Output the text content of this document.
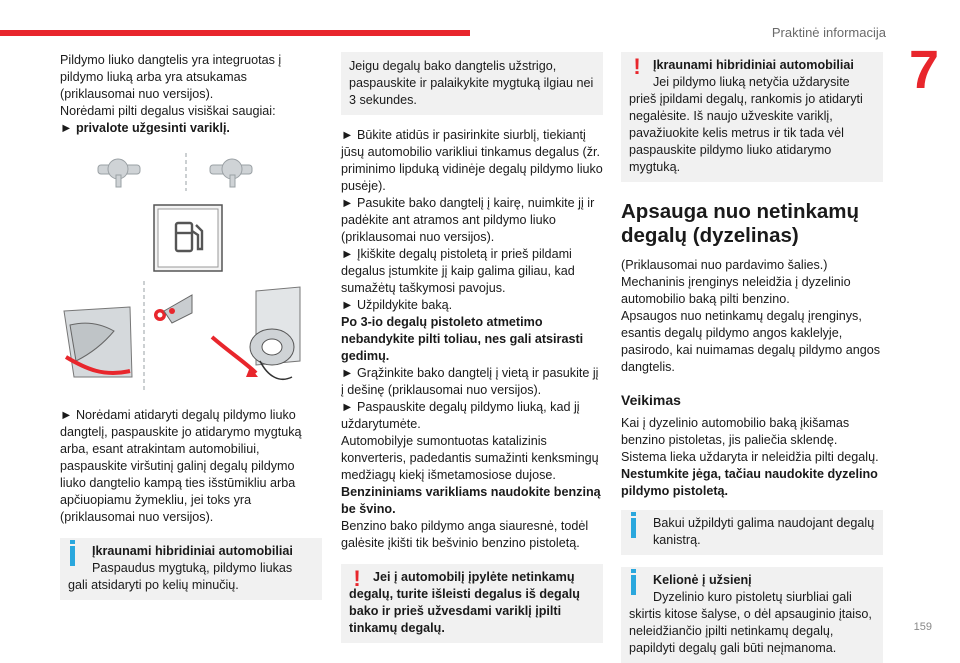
Praktinė informacija
7
159

Pildymo liuko dangtelis yra integruotas į pildymo liuką arba yra atsukamas (priklausomai nuo versijos).

Norėdami pilti degalus visiškai saugiai:

► privalote užgesinti variklį.

► Norėdami atidaryti degalų pildymo liuko dangtelį, paspauskite jo atidarymo mygtuką arba, esant atrakintam automobiliui, paspauskite viršutinį galinį degalų pildymo liuko dangtelio kampą ties išstūmikliu arba apčiuopiamu žymekliu, jei toks yra (priklausomai nuo versijos).

Įkraunami hibridiniai automobiliai

Paspaudus mygtuką, pildymo liukas gali atsidaryti po kelių minučių.

Jeigu degalų bako dangtelis užstrigo, paspauskite ir palaikykite mygtuką ilgiau nei 3 sekundes.

► Būkite atidūs ir pasirinkite siurblį, tiekiantį jūsų automobilio varikliui tinkamus degalus (žr. priminimo lipduką vidinėje degalų pildymo liuko pusėje).

► Pasukite bako dangtelį į kairę, nuimkite jį ir padėkite ant atramos ant pildymo liuko (priklausomai nuo versijos).

► Įkiškite degalų pistoletą ir prieš pildami degalus įstumkite jį kaip galima giliau, kad sumažėtų taškymosi pavojus.

► Užpildykite baką.

Po 3-io degalų pistoleto atmetimo nebandykite pilti toliau, nes gali atsirasti gedimų.

► Grąžinkite bako dangtelį į vietą ir pasukite jį į dešinę (priklausomai nuo versijos).

► Paspauskite degalų pildymo liuką, kad jį uždarytumėte.

Automobilyje sumontuotas katalizinis konverteris, padedantis sumažinti kenksmingų medžiagų kiekį išmetamosiose dujose.

Benzininiams varikliams naudokite benziną be švino.

Benzino bako pildymo anga siauresnė, todėl galėsite įkišti tik bešvinio benzino pistoletą.

! Jei į automobilį įpylėte netinkamų degalų, turite išleisti degalus iš degalų bako ir prieš užvesdami variklį įpilti tinkamų degalų.

! Įkraunami hibridiniai automobiliai

Jei pildymo liuką netyčia uždarysite prieš įpildami degalų, rankomis jo atidaryti negalėsite. Iš naujo užveskite variklį, pavažiuokite kelis metrus ir tik tada vėl paspauskite pildymo liuko atidarymo mygtuką.

Apsauga nuo netinkamų degalų (dyzelinas)

(Priklausomai nuo pardavimo šalies.)

Mechaninis įrenginys neleidžia į dyzelinio automobilio baką pilti benzino.

Apsaugos nuo netinkamų degalų įrenginys, esantis degalų pildymo angos kaklelyje, pasirodo, kai nuimamas degalų pildymo angos dangtelis.

Veikimas

Kai į dyzelinio automobilio baką įkišamas benzino pistoletas, jis paliečia sklendę. Sistema lieka uždaryta ir neleidžia pilti degalų.

Nestumkite jėga, tačiau naudokite dyzelino pildymo pistoletą.

Bakui užpildyti galima naudojant degalų kanistrą.

Kelionė į užsienį

Dyzelinio kuro pistoletų siurbliai gali skirtis kitose šalyse, o dėl apsauginio įtaiso, neleidžiančio įpilti netinkamų degalų, papildyti degalų gali būti neįmanoma.
